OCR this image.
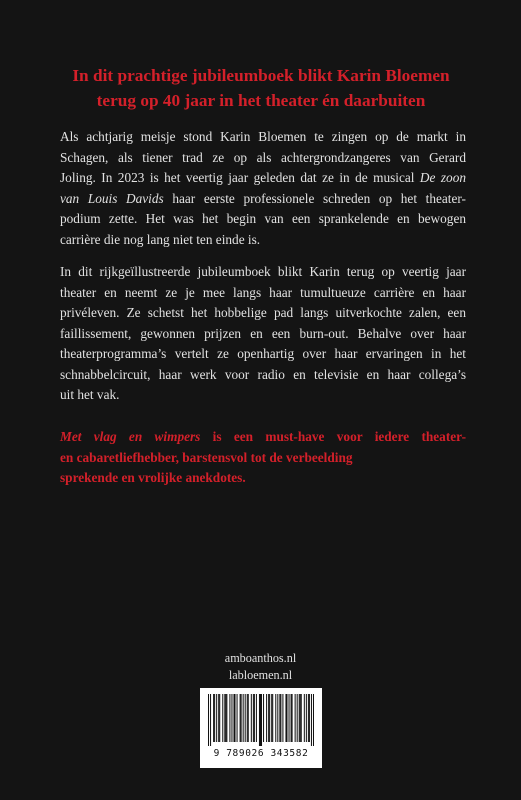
In dit prachtige jubileumboek blikt Karin Bloemen
terug op 40 jaar in het theater én daarbuiten
Als achtjarig meisje stond Karin Bloemen te zingen op de markt in
Schagen, als tiener trad ze op als achtergrondzangeres van Gerard
Joling. In 2023 is het veertig jaar geleden dat ze in de musical De zoon
van Louis Davids haar eerste professionele schreden op het theater-
podium zette. Het was het begin van een sprankelende en bewogen
carrière die nog lang niet ten einde is.
In dit rijkgeïllustreerde jubileumboek blikt Karin terug op veertig jaar
theater en neemt ze je mee langs haar tumultueuze carrière en haar
privéleven. Ze schetst het hobbelige pad langs uitverkochte zalen, een
faillissement, gewonnen prijzen en een burn-out. Behalve over haar
theaterprogramma’s vertelt ze openhartig over haar ervaringen in het
schnabbelcircuit, haar werk voor radio en televisie en haar collega’s
uit het vak.
Met vlag en wimpers is een must-have voor iedere theater-
en cabaretliefhebber, barstensvol tot de verbeelding
sprekende en vrolijke anekdotes.
amboanthos.nl
labloemen.nl
9 789026 343582
